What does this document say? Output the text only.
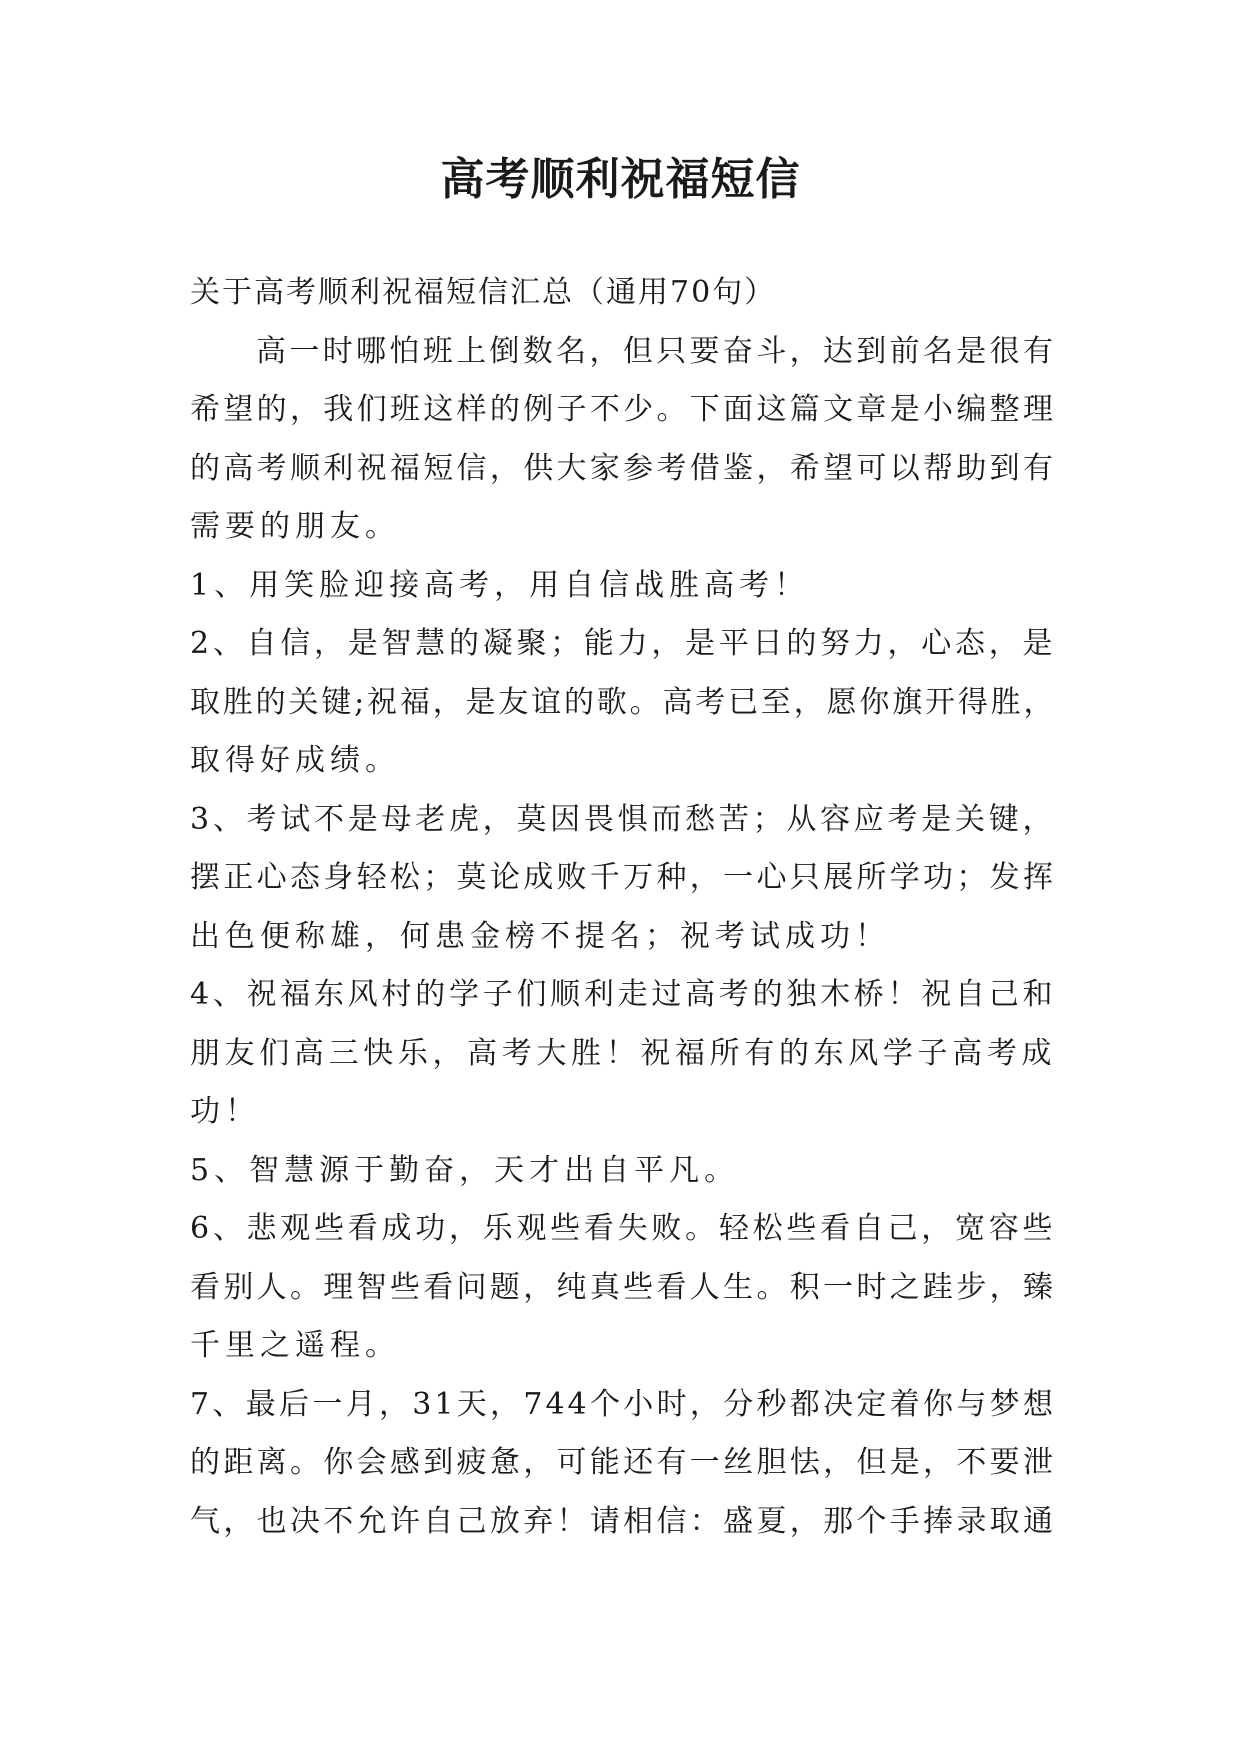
高考顺利祝福短信

关于高考顺利祝福短信汇总（通用70句）

高一时哪怕班上倒数名，但只要奋斗，达到前名是很有

希望的，我们班这样的例子不少。下面这篇文章是小编整理

的高考顺利祝福短信，供大家参考借鉴，希望可以帮助到有

需要的朋友。

1、用笑脸迎接高考，用自信战胜高考！

2、自信，是智慧的凝聚；能力，是平日的努力，心态，是

取胜的关键;祝福，是友谊的歌。高考已至，愿你旗开得胜，

取得好成绩。

3、考试不是母老虎，莫因畏惧而愁苦；从容应考是关键，

摆正心态身轻松；莫论成败千万种，一心只展所学功；发挥

出色便称雄，何患金榜不提名；祝考试成功！

4、祝福东风村的学子们顺利走过高考的独木桥！祝自己和

朋友们高三快乐，高考大胜！祝福所有的东风学子高考成

功！

5、智慧源于勤奋，天才出自平凡。

6、悲观些看成功，乐观些看失败。轻松些看自己，宽容些

看别人。理智些看问题，纯真些看人生。积一时之跬步，臻

千里之遥程。

7、最后一月，31天，744个小时，分秒都决定着你与梦想

的距离。你会感到疲惫，可能还有一丝胆怯，但是，不要泄

气，也决不允许自己放弃！请相信：盛夏，那个手捧录取通
